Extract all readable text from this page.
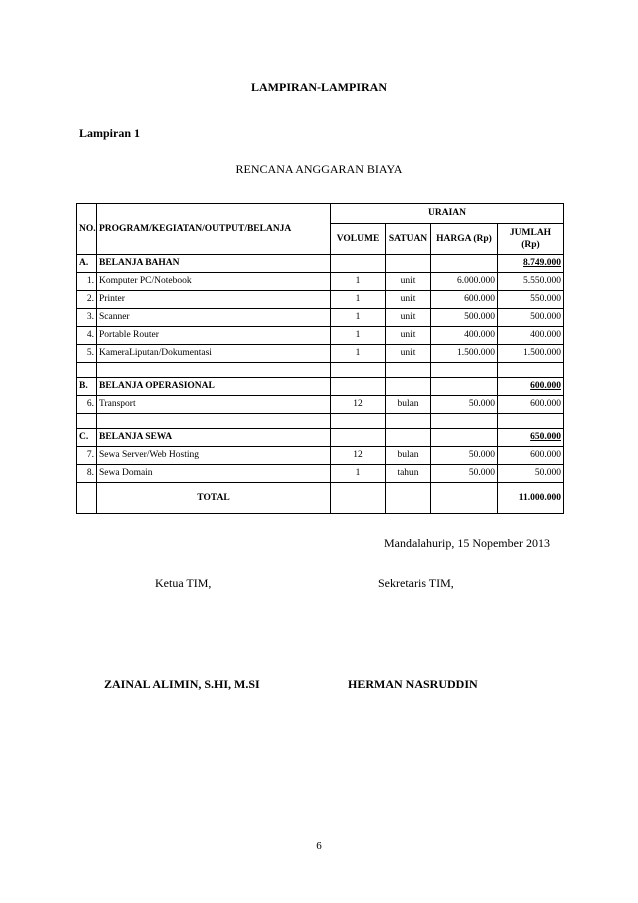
LAMPIRAN-LAMPIRAN
Lampiran 1
RENCANA ANGGARAN BIAYA
NO.	PROGRAM/KEGIATAN/OUTPUT/BELANJA	URAIAN			
		VOLUME	SATUAN	HARGA (Rp)	JUMLAH (Rp)
A.	BELANJA BAHAN				8.749.000
1.	Komputer PC/Notebook	1	unit	6.000.000	5.550.000
2.	Printer	1	unit	600.000	550.000
3.	Scanner	1	unit	500.000	500.000
4.	Portable Router	1	unit	400.000	400.000
5.	KameraLiputan/Dokumentasi	1	unit	1.500.000	1.500.000

B.	BELANJA OPERASIONAL				600.000
6.	Transport	12	bulan	50.000	600.000

C.	BELANJA SEWA				650.000
7.	Sewa Server/Web Hosting	12	bulan	50.000	600.000
8.	Sewa Domain	1	tahun	50.000	50.000
	TOTAL				11.000.000
Mandalahurip, 15 Nopember 2013
Ketua TIM,	Sekretaris TIM,
ZAINAL ALIMIN, S.HI, M.SI	HERMAN NASRUDDIN
6
